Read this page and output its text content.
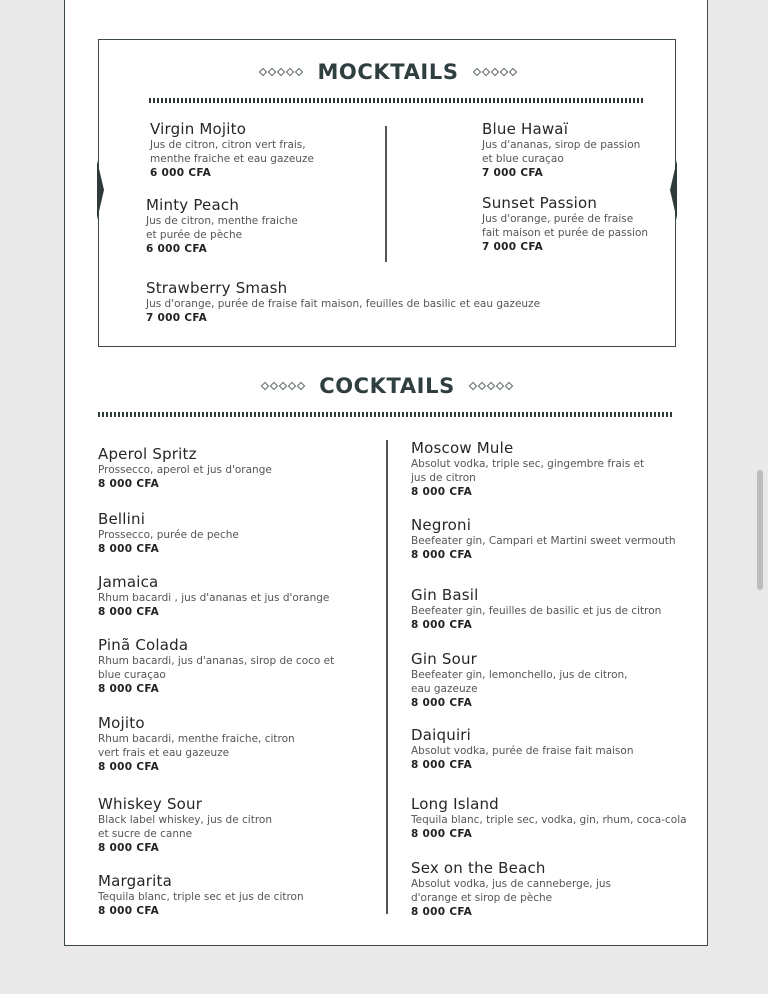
MOCKTAILS
Virgin Mojito
Jus de citron, citron vert frais,
menthe fraiche et eau gazeuze
6 000 CFA
Minty Peach
Jus de citron, menthe fraiche
et purée de pèche
6 000 CFA
Blue Hawaï
Jus d'ananas, sirop de passion
et blue curaçao
7 000 CFA
Sunset Passion
Jus d'orange, purée de fraise
fait maison et purée de passion
7 000 CFA
Strawberry Smash
Jus d'orange, purée de fraise fait maison, feuilles de basilic et eau gazeuze
7 000 CFA
COCKTAILS
Aperol Spritz
Prossecco, aperol et jus d'orange
8 000 CFA
Bellini
Prossecco, purée de peche
8 000 CFA
Jamaica
Rhum bacardi , jus d'ananas et jus d'orange
8 000 CFA
Pinã Colada
Rhum bacardi, jus d'ananas, sirop de coco et
blue curaçao
8 000 CFA
Mojito
Rhum bacardi, menthe fraiche, citron
vert frais et eau gazeuze
8 000 CFA
Whiskey Sour
Black label whiskey, jus de citron
et sucre de canne
8 000 CFA
Margarita
Tequila blanc, triple sec et jus de citron
8 000 CFA
Moscow Mule
Absolut vodka, triple sec, gingembre frais et
jus de citron
8 000 CFA
Negroni
Beefeater gin, Campari et Martini sweet vermouth
8 000 CFA
Gin Basil
Beefeater gin, feuilles de basilic et jus de citron
8 000 CFA
Gin Sour
Beefeater gin, lemonchello, jus de citron,
eau gazeuze
8 000 CFA
Daiquiri
Absolut vodka, purée de fraise fait maison
8 000 CFA
Long Island
Tequila blanc, triple sec, vodka, gin, rhum, coca-cola
8 000 CFA
Sex on the Beach
Absolut vodka, jus de canneberge, jus
d'orange et sirop de pèche
8 000 CFA
